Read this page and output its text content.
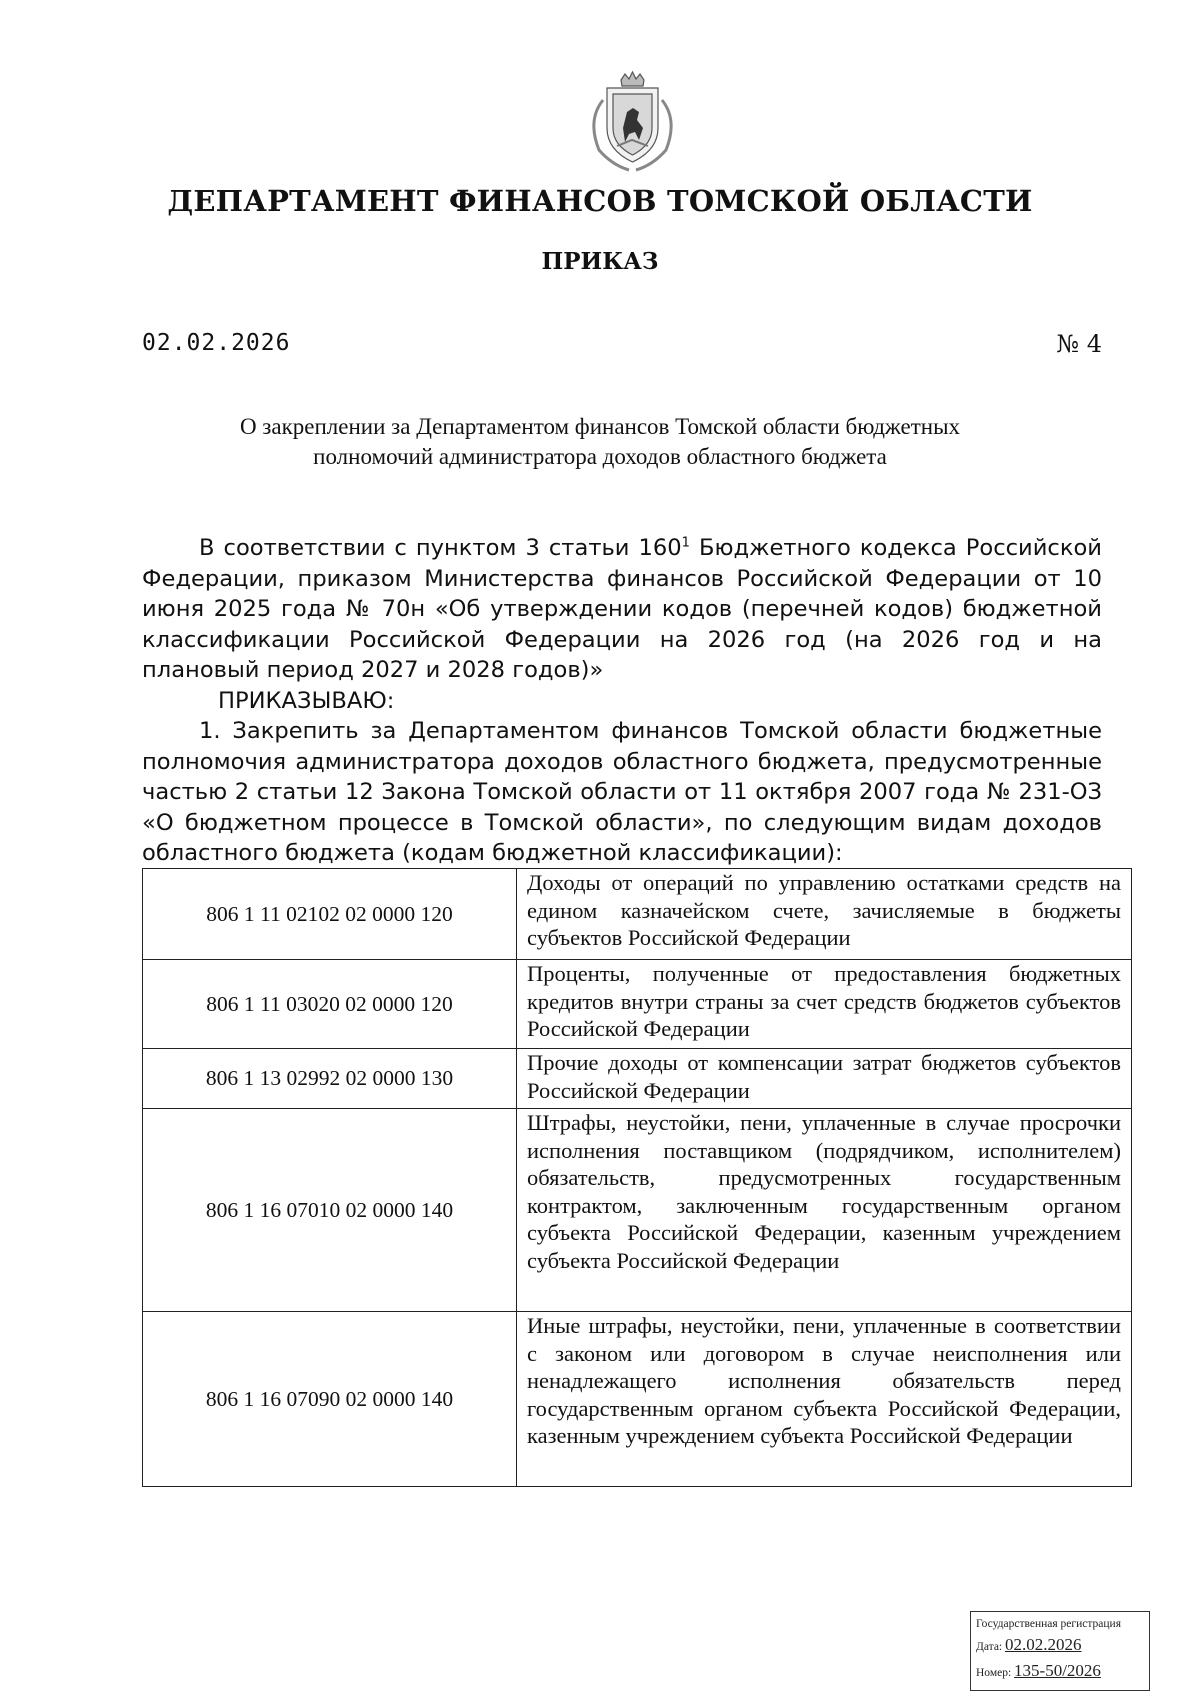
ДЕПАРТАМЕНТ ФИНАНСОВ ТОМСКОЙ ОБЛАСТИ
ПРИКАЗ
02.02.2026	№ 4
О закреплении за Департаментом финансов Томской области бюджетных
полномочий администратора доходов областного бюджета

В соответствии с пунктом 3 статьи $160^1$ Бюджетного кодекса Российской Федерации, приказом Министерства финансов Российской Федерации от 10 июня 2025 года № 70н «Об утверждении кодов (перечней кодов) бюджетной классификации Российской Федерации на 2026 год (на 2026 год и на плановый период 2027 и 2028 годов)»

ПРИКАЗЫВАЮ:

1. Закрепить за Департаментом финансов Томской области бюджетные полномочия администратора доходов областного бюджета, предусмотренные частью 2 статьи 12 Закона Томской области от 11 октября 2007 года № 231-ОЗ «О бюджетном процессе в Томской области», по следующим видам доходов областного бюджета (кодам бюджетной классификации):

806 1 11 02102 02 0000 120	Доходы от операций по управлению остатками средств на едином казначейском счете, зачисляемые в бюджеты субъектов Российской Федерации
806 1 11 03020 02 0000 120	Проценты, полученные от предоставления бюджетных кредитов внутри страны за счет средств бюджетов субъектов Российской Федерации
806 1 13 02992 02 0000 130	Прочие доходы от компенсации затрат бюджетов субъектов Российской Федерации
806 1 16 07010 02 0000 140	Штрафы, неустойки, пени, уплаченные в случае просрочки исполнения поставщиком (подрядчиком, исполнителем) обязательств, предусмотренных государственным контрактом, заключенным государственным органом субъекта Российской Федерации, казенным учреждением субъекта Российской Федерации
806 1 16 07090 02 0000 140	Иные штрафы, неустойки, пени, уплаченные в соответствии с законом или договором в случае неисполнения или ненадлежащего исполнения обязательств перед государственным органом субъекта Российской Федерации, казенным учреждением субъекта Российской Федерации
Государственная регистрация
Дата: 02.02.2026
Номер: 135-50/2026
